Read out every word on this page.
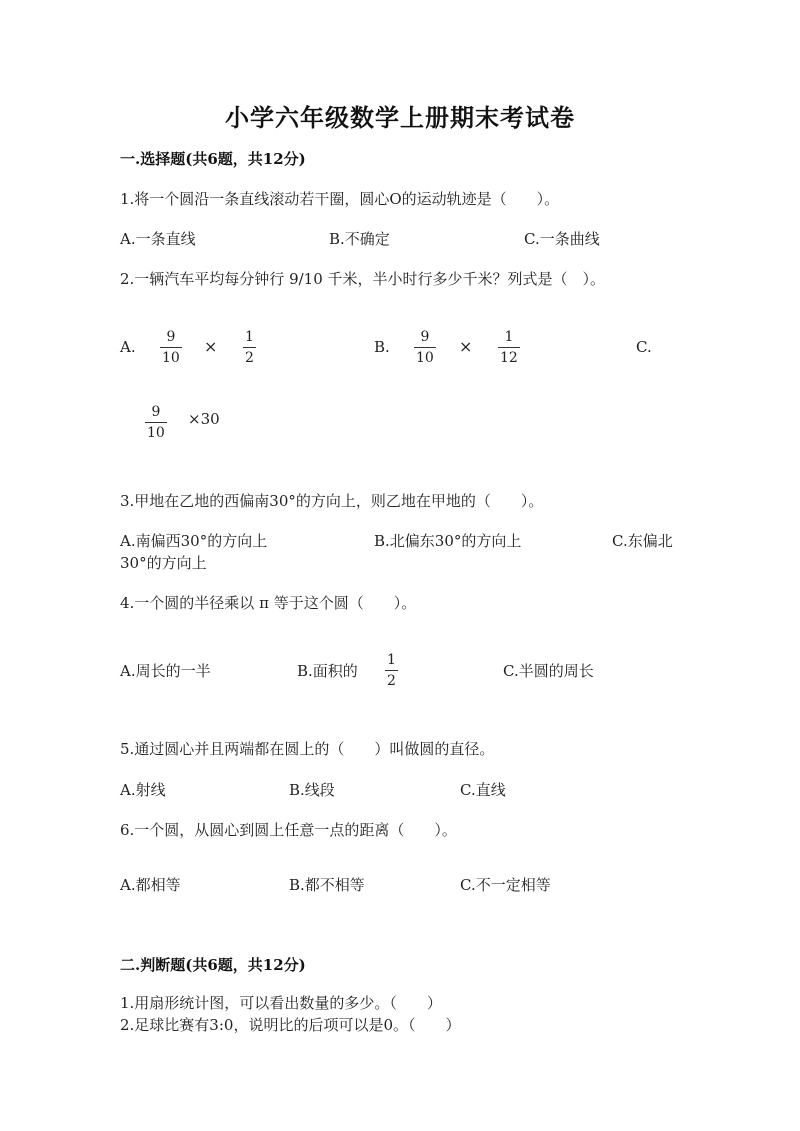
小学六年级数学上册期末考试卷
一.选择题(共6题，共12分)
1.将一个圆沿一条直线滚动若干圈，圆心O的运动轨迹是（　　）。
A.一条直线	B.不确定	C.一条曲线
2.一辆汽车平均每分钟行 9/10 千米，半小时行多少千米？列式是（　）。
A.
9
10
× 1
2
B.
9
10
× 1
12
C.
9
10
×30
3.甲地在乙地的西偏南30°的方向上，则乙地在甲地的（　　）。
A.南偏西30°的方向上	B.北偏东30°的方向上	C.东偏北
30°的方向上
4.一个圆的半径乘以 π 等于这个圆（　　）。
A.周长的一半	B.面积的
1
2
C.半圆的周长
5.通过圆心并且两端都在圆上的（　　）叫做圆的直径。
A.射线	B.线段	C.直线
6.一个圆，从圆心到圆上任意一点的距离（　　）。
A.都相等	B.都不相等	C.不一定相等
二.判断题(共6题，共12分)
1.用扇形统计图，可以看出数量的多少。（　　）
2.足球比赛有3:0，说明比的后项可以是0。（　　）
